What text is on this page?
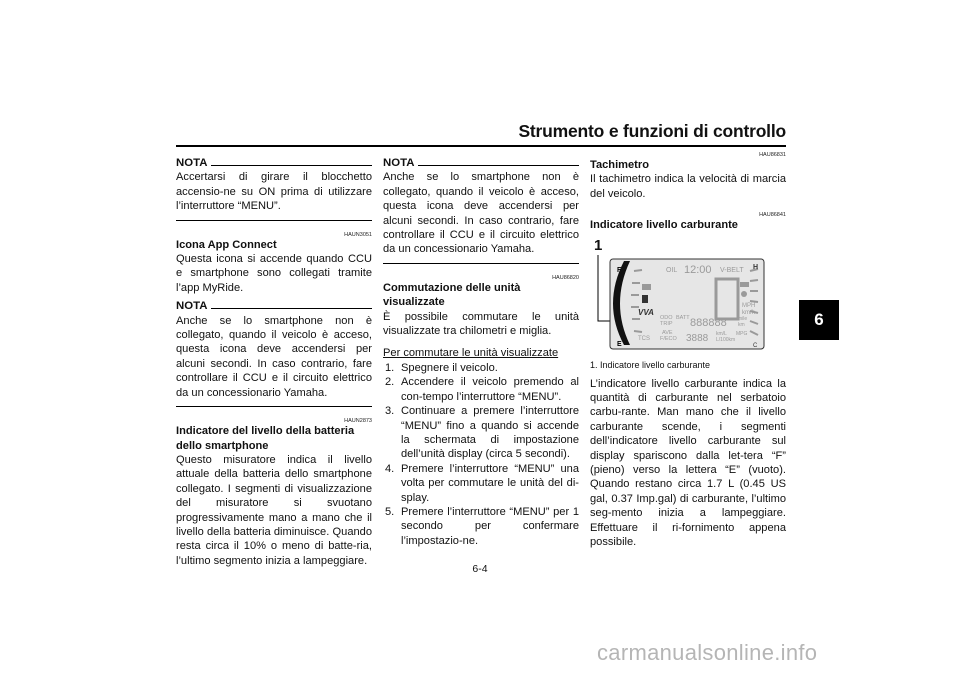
Strumento e funzioni di controllo
6
NOTA
Accertarsi di girare il blocchetto accensio-ne su ON prima di utilizzare l’interruttore “MENU”.
HAUN3051
Icona App Connect
Questa icona si accende quando CCU e smartphone sono collegati tramite l’app MyRide.
NOTA
Anche se lo smartphone non è collegato, quando il veicolo è acceso, questa icona deve accendersi per alcuni secondi. In caso contrario, fare controllare il CCU e il circuito elettrico da un concessionario Yamaha.
HAUN2873
Indicatore del livello della batteria dello smartphone
Questo misuratore indica il livello attuale della batteria dello smartphone collegato. I segmenti di visualizzazione del misuratore si svuotano progressivamente mano a mano che il livello della batteria diminuisce. Quando resta circa il 10% o meno di batte-ria, l’ultimo segmento inizia a lampeggiare.
NOTA
Anche se lo smartphone non è collegato, quando il veicolo è acceso, questa icona deve accendersi per alcuni secondi. In caso contrario, fare controllare il CCU e il circuito elettrico da un concessionario Yamaha.
HAU86820
Commutazione delle unità visualizzate
È possibile commutare le unità visualizzate tra chilometri e miglia.
Per commutare le unità visualizzate
1. Spegnere il veicolo.
2. Accendere il veicolo premendo al con-tempo l’interruttore “MENU”.
3. Continuare a premere l’interruttore “MENU” fino a quando si accende la schermata di impostazione dell’unità display (circa 5 secondi).
4. Premere l’interruttore “MENU” una volta per commutare le unità del di-splay.
5. Premere l’interruttore “MENU” per 1 secondo per confermare l’impostazio-ne.
HAU86831
Tachimetro
Il tachimetro indica la velocità di marcia del veicolo.
HAU86841
Indicatore livello carburante
1
F
E
H
C
OIL 12:00 V-BELT
MPH
km/h
VVA
ODO
TRIP
BATT 888888 mile
km
TCS
AVE
F/ECO 3888 km/L MPG
L/100km
1. Indicatore livello carburante
L’indicatore livello carburante indica la quantità di carburante nel serbatoio carbu-rante. Man mano che il livello carburante scende, i segmenti dell’indicatore livello carburante sul display spariscono dalla let-tera “F” (pieno) verso la lettera “E” (vuoto). Quando restano circa 1.7 L (0.45 US gal, 0.37 Imp.gal) di carburante, l’ultimo seg-mento inizia a lampeggiare. Effettuare il ri-fornimento appena possibile.
6-4
carmanualsonline.info
